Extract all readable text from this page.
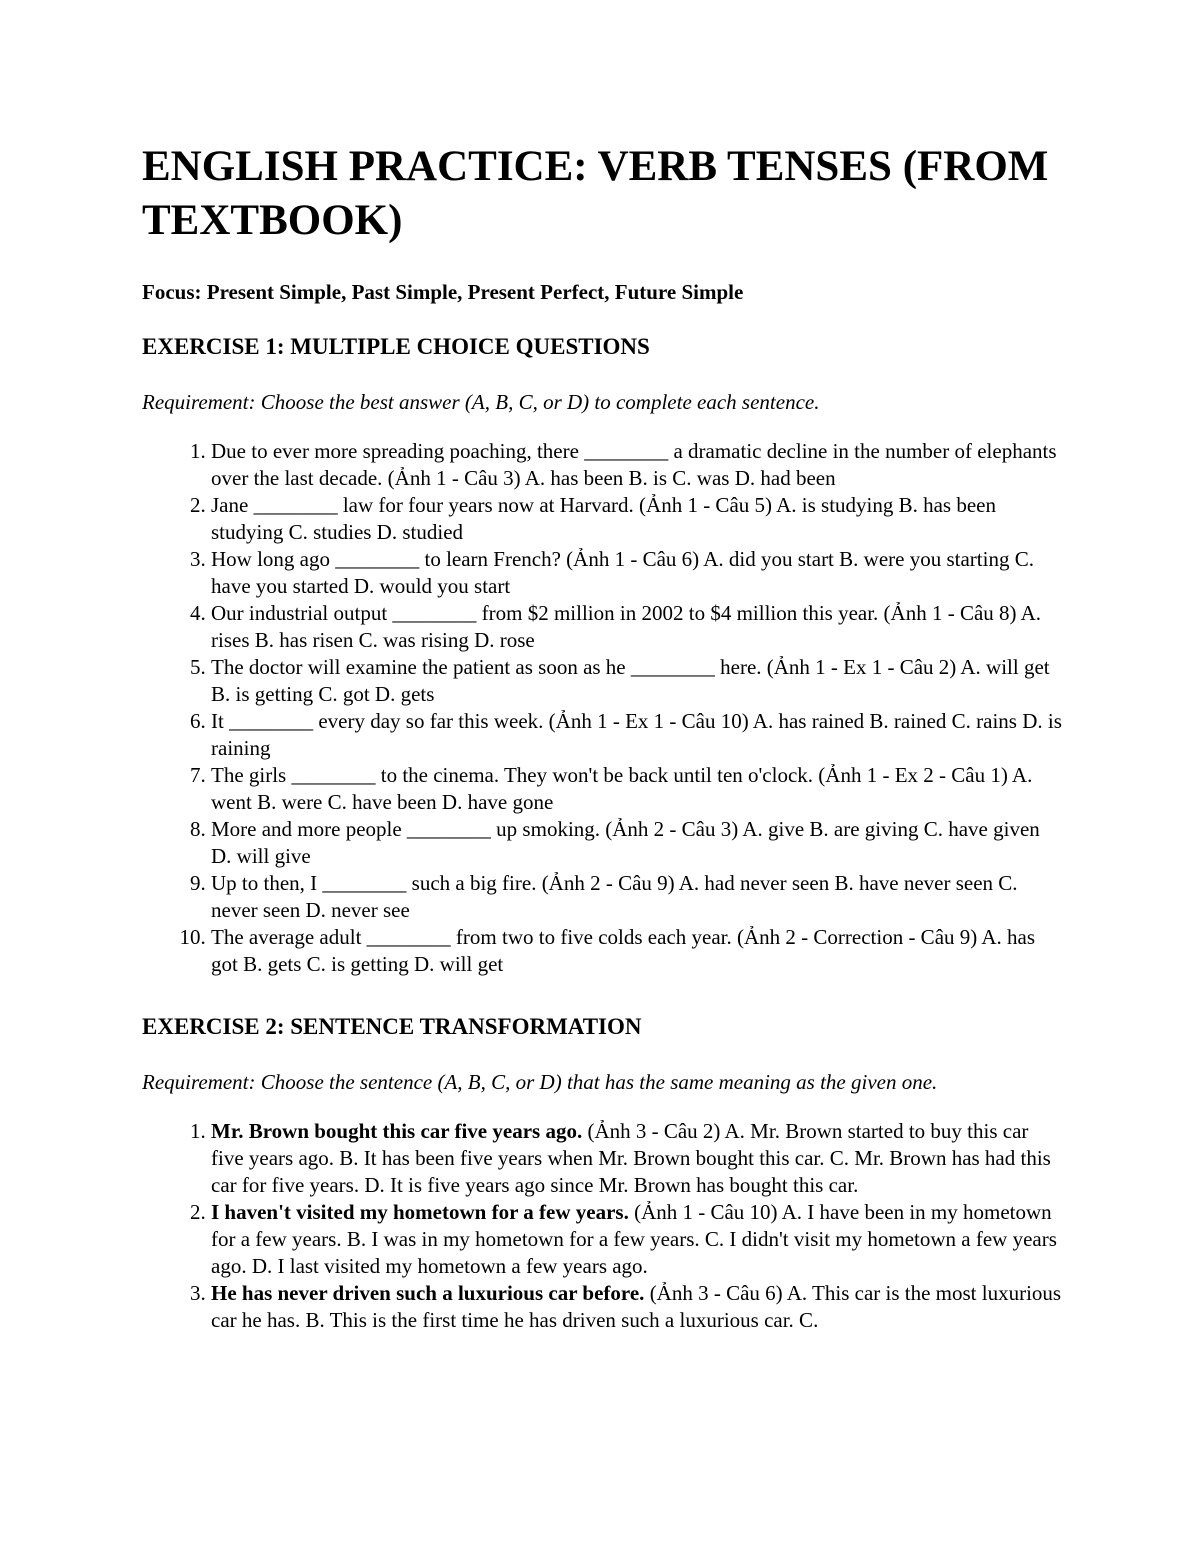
ENGLISH PRACTICE: VERB TENSES (FROM TEXTBOOK)

Focus: Present Simple, Past Simple, Present Perfect, Future Simple

EXERCISE 1: MULTIPLE CHOICE QUESTIONS

Requirement: Choose the best answer (A, B, C, or D) to complete each sentence.

1. Due to ever more spreading poaching, there ________ a dramatic decline in the number of elephants over the last decade. (Ảnh 1 - Câu 3) A. has been B. is C. was D. had been
2. Jane ________ law for four years now at Harvard. (Ảnh 1 - Câu 5) A. is studying B. has been studying C. studies D. studied
3. How long ago ________ to learn French? (Ảnh 1 - Câu 6) A. did you start B. were you starting C. have you started D. would you start
4. Our industrial output ________ from $2 million in 2002 to $4 million this year. (Ảnh 1 - Câu 8) A. rises B. has risen C. was rising D. rose
5. The doctor will examine the patient as soon as he ________ here. (Ảnh 1 - Ex 1 - Câu 2) A. will get B. is getting C. got D. gets
6. It ________ every day so far this week. (Ảnh 1 - Ex 1 - Câu 10) A. has rained B. rained C. rains D. is raining
7. The girls ________ to the cinema. They won't be back until ten o'clock. (Ảnh 1 - Ex 2 - Câu 1) A. went B. were C. have been D. have gone
8. More and more people ________ up smoking. (Ảnh 2 - Câu 3) A. give B. are giving C. have given D. will give
9. Up to then, I ________ such a big fire. (Ảnh 2 - Câu 9) A. had never seen B. have never seen C. never seen D. never see
10. The average adult ________ from two to five colds each year. (Ảnh 2 - Correction - Câu 9) A. has got B. gets C. is getting D. will get
EXERCISE 2: SENTENCE TRANSFORMATION

Requirement: Choose the sentence (A, B, C, or D) that has the same meaning as the given one.

1. Mr. Brown bought this car five years ago. (Ảnh 3 - Câu 2) A. Mr. Brown started to buy this car five years ago. B. It has been five years when Mr. Brown bought this car. C. Mr. Brown has had this car for five years. D. It is five years ago since Mr. Brown has bought this car.
2. I haven't visited my hometown for a few years. (Ảnh 1 - Câu 10) A. I have been in my hometown for a few years. B. I was in my hometown for a few years. C. I didn't visit my hometown a few years ago. D. I last visited my hometown a few years ago.
3. He has never driven such a luxurious car before. (Ảnh 3 - Câu 6) A. This car is the most luxurious car he has. B. This is the first time he has driven such a luxurious car. C.
